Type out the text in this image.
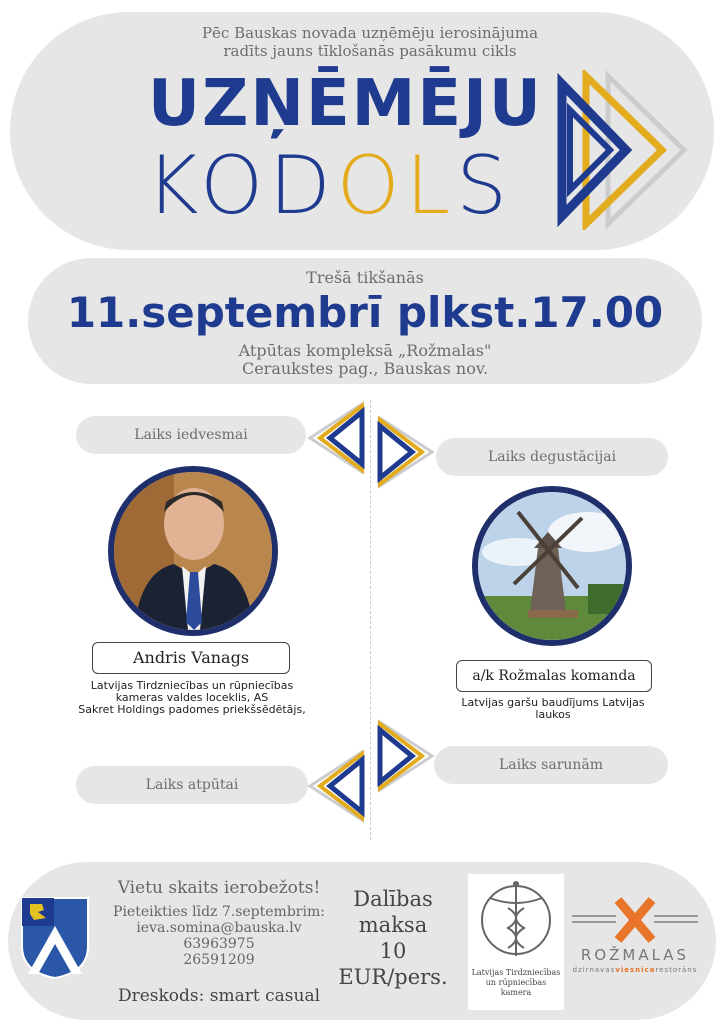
Pēc Bauskas novada uzņēmēju ierosinājuma
radīts jauns tīklošanās pasākumu cikls
UZŅĒMĒJU
KODOLS
Trešā tikšanās
11.septembrī plkst.17.00
Atpūtas kompleksā „Rožmalas"
Ceraukstes pag., Bauskas nov.
Laiks iedvesmai
Laiks degustācijai
Laiks atpūtai
Laiks sarunām
Andris Vanags
Latvijas Tirdzniecības un rūpniecības
kameras valdes loceklis, AS
Sakret Holdings padomes priekšsēdētājs,
a/k Rožmalas komanda
Latvijas garšu baudījums Latvijas
laukos
Vietu skaits ierobežots!
Pieteikties līdz 7.septembrim:
ieva.somina@bauska.lv
63963975
26591209
Dreskods: smart casual
Dalības
maksa
10 EUR/pers.	Latvijas Tirdzniecības
un rūpniecības
kamera
ROŽMALAS
dzirnavasviesnīcarestorāns
